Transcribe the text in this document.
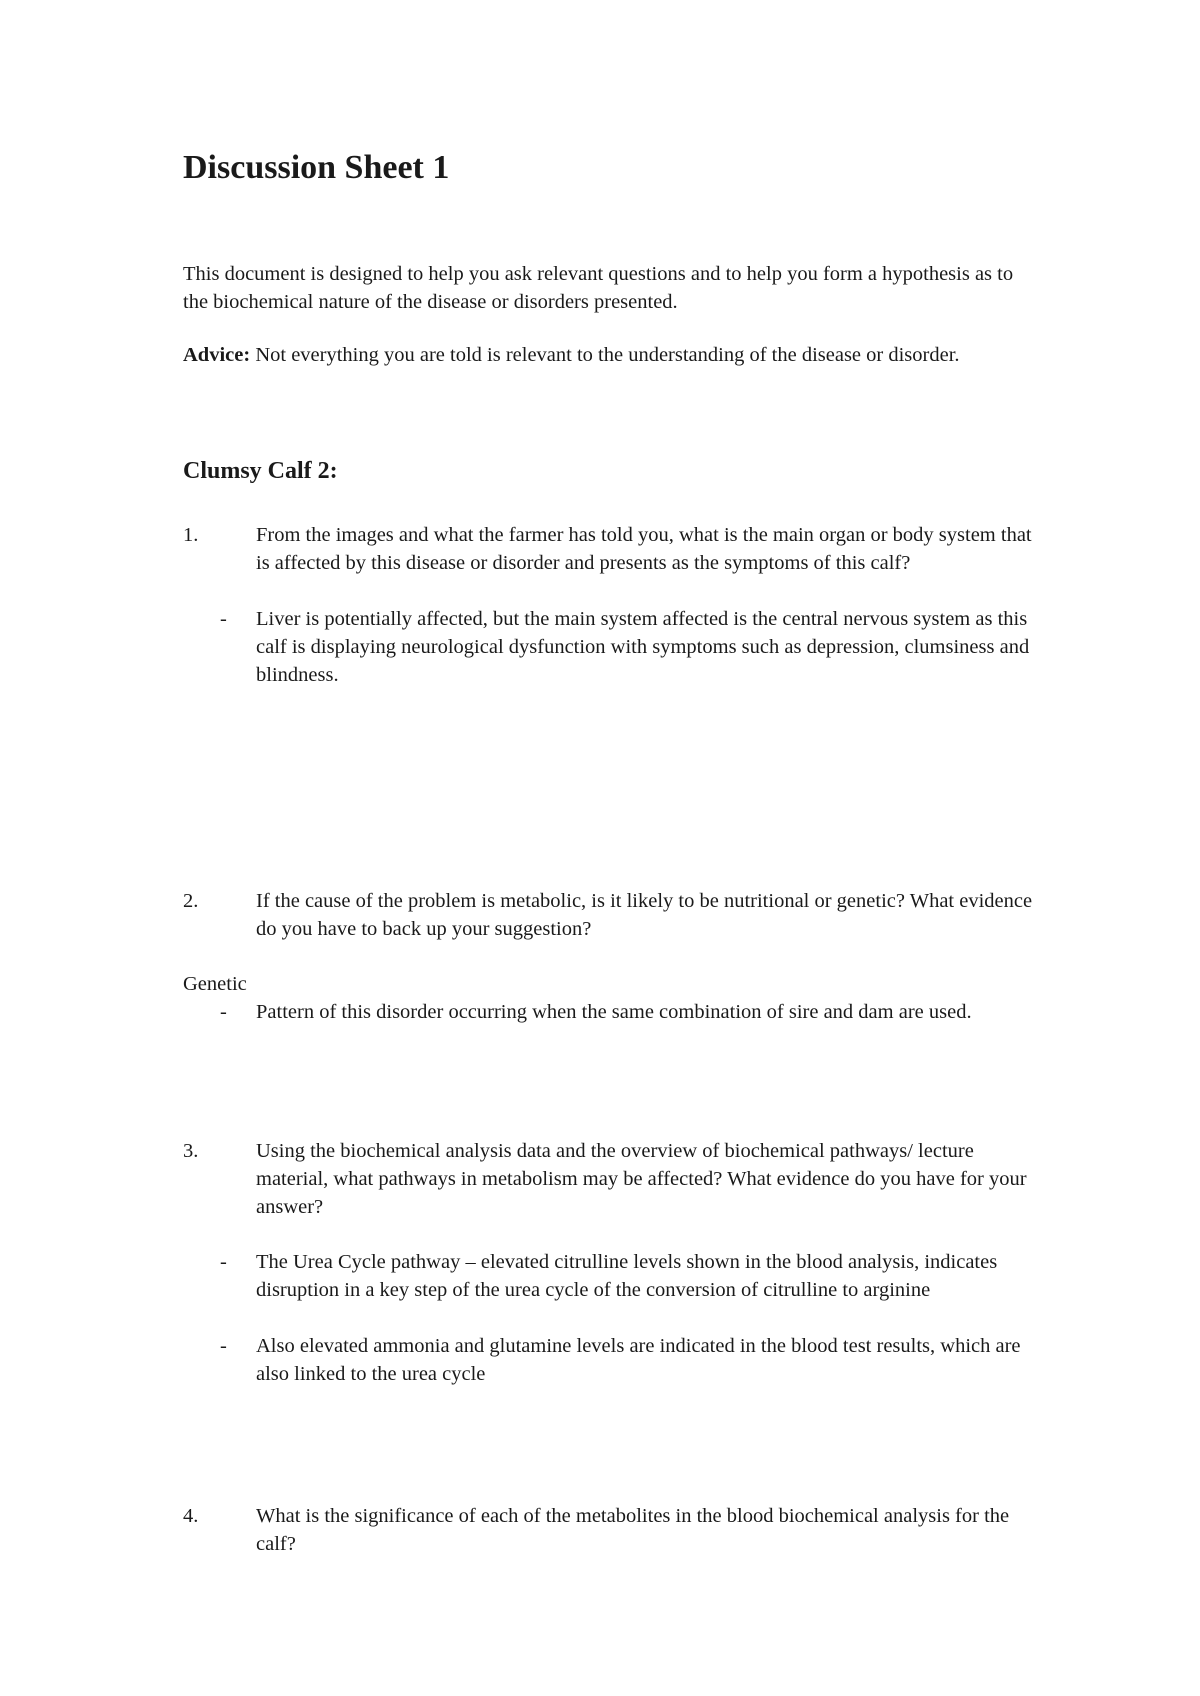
Discussion Sheet 1
This document is designed to help you ask relevant questions and to help you form a hypothesis as to the biochemical nature of the disease or disorders presented.
Advice: Not everything you are told is relevant to the understanding of the disease or disorder.
Clumsy Calf 2:
1.	From the images and what the farmer has told you, what is the main organ or body system that is affected by this disease or disorder and presents as the symptoms of this calf?
- Liver is potentially affected, but the main system affected is the central nervous system as this calf is displaying neurological dysfunction with symptoms such as depression, clumsiness and blindness.
2.	If the cause of the problem is metabolic, is it likely to be nutritional or genetic? What evidence do you have to back up your suggestion?
Genetic
- Pattern of this disorder occurring when the same combination of sire and dam are used.
3.	Using the biochemical analysis data and the overview of biochemical pathways/ lecture material, what pathways in metabolism may be affected? What evidence do you have for your answer?
- The Urea Cycle pathway – elevated citrulline levels shown in the blood analysis, indicates disruption in a key step of the urea cycle of the conversion of citrulline to arginine
- Also elevated ammonia and glutamine levels are indicated in the blood test results, which are also linked to the urea cycle
4.	What is the significance of each of the metabolites in the blood biochemical analysis for the calf?
